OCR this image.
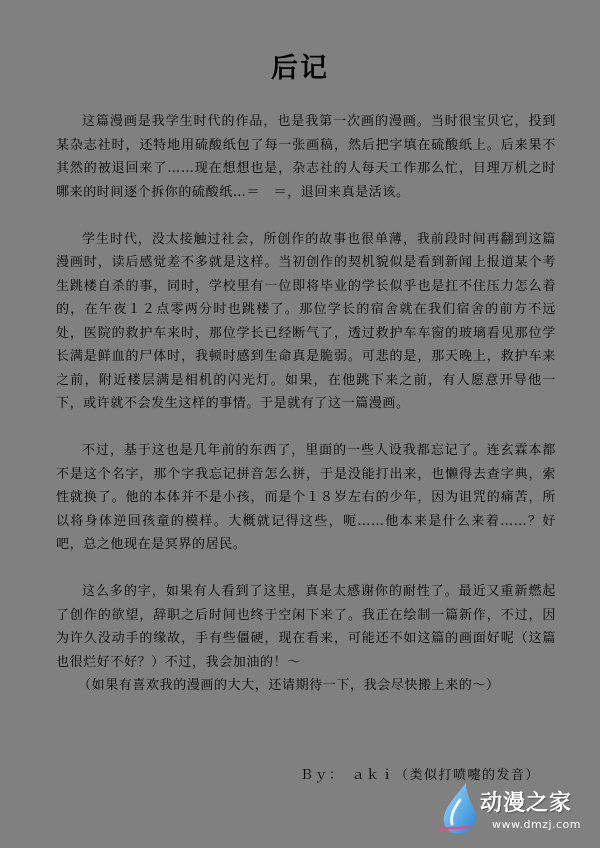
后记

这篇漫画是我学生时代的作品，也是我第一次画的漫画。当时很宝贝它，投到某杂志社时，还特地用硫酸纸包了每一张画稿，然后把字填在硫酸纸上。后来果不其然的被退回来了……现在想想也是，杂志社的人每天工作那么忙，日理万机之时哪来的时间逐个拆你的硫酸纸…＝　＝，退回来真是活该。

学生时代，没太接触过社会，所创作的故事也很单薄，我前段时间再翻到这篇漫画时，读后感觉差不多就是这样。当初创作的契机貌似是看到新闻上报道某个考生跳楼自杀的事，同时，学校里有一位即将毕业的学长似乎也是扛不住压力怎么着的，在午夜１２点零两分时也跳楼了。那位学长的宿舍就在我们宿舍的前方不远处，医院的救护车来时，那位学长已经断气了，透过救护车车窗的玻璃看见那位学长满是鲜血的尸体时，我顿时感到生命真是脆弱。可悲的是，那天晚上，救护车来之前，附近楼层满是相机的闪光灯。如果，在他跳下来之前，有人愿意开导他一下，或许就不会发生这样的事情。于是就有了这一篇漫画。

不过，基于这也是几年前的东西了，里面的一些人设我都忘记了。连玄霖本都不是这个名字，那个字我忘记拼音怎么拼，于是没能打出来，也懒得去查字典，索性就换了。他的本体并不是小孩，而是个１８岁左右的少年，因为诅咒的痛苦，所以将身体逆回孩童的模样。大概就记得这些，呃……他本来是什么来着……？好吧，总之他现在是冥界的居民。

这么多的字，如果有人看到了这里，真是太感谢你的耐性了。最近又重新燃起了创作的欲望，辞职之后时间也终于空闲下来了。我正在绘制一篇新作，不过，因为许久没动手的缘故，手有些僵硬，现在看来，可能还不如这篇的画面好呢（这篇也很烂好不好？）不过，我会加油的！～

（如果有喜欢我的漫画的大大，还请期待一下，我会尽快搬上来的～）

Ｂｙ：　ａｋｉ（类似打喷嚏的发音）
动漫之家
www.dmzj.com
